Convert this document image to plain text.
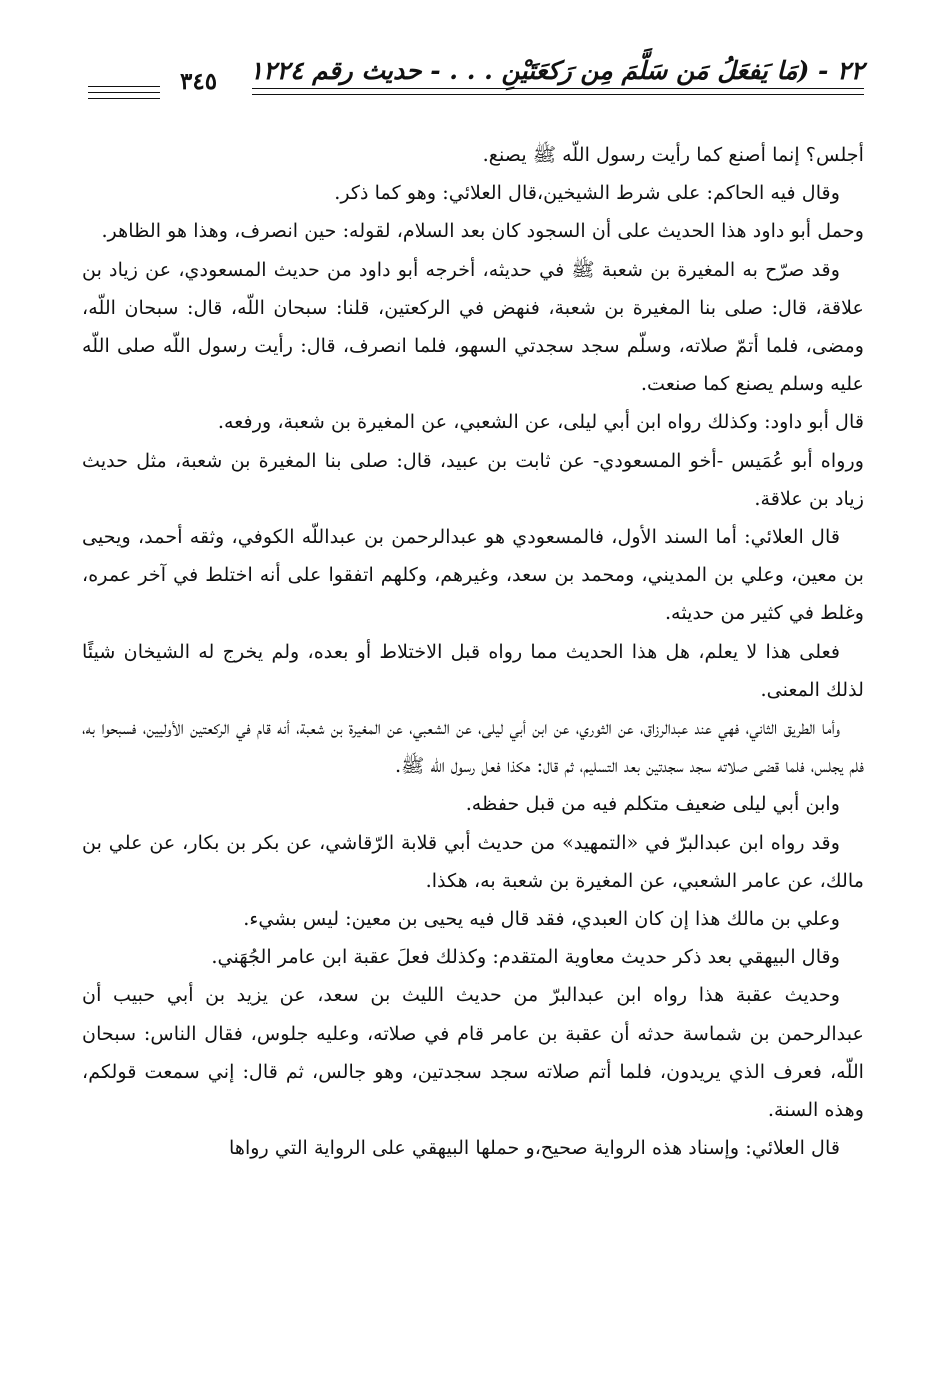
٢٢ - (مَا يَفعَلُ مَن سَلَّمَ مِن رَكعَتَيْنِ . . . - حديث رقم ١٢٢٤
٣٤٥

أجلس؟ إنما أصنع كما رأيت رسول اللّه ﷺ يصنع.

وقال فيه الحاكم: على شرط الشيخين،قال العلائي: وهو كما ذكر.

وحمل أبو داود هذا الحديث على أن السجود كان بعد السلام، لقوله: حين انصرف، وهذا هو الظاهر.

وقد صرّح به المغيرة بن شعبة ﷺ في حديثه، أخرجه أبو داود من حديث المسعودي، عن زياد بن علاقة، قال: صلى بنا المغيرة بن شعبة، فنهض في الركعتين، قلنا: سبحان اللّه، قال: سبحان اللّه، ومضى، فلما أتمّ صلاته، وسلّم سجد سجدتي السهو، فلما انصرف، قال: رأيت رسول اللّه صلى اللّه عليه وسلم يصنع كما صنعت.

قال أبو داود: وكذلك رواه ابن أبي ليلى، عن الشعبي، عن المغيرة بن شعبة، ورفعه.

ورواه أبو عُمَيس -أخو المسعودي- عن ثابت بن عبيد، قال: صلى بنا المغيرة بن شعبة، مثل حديث زياد بن علاقة.

قال العلائي: أما السند الأول، فالمسعودي هو عبدالرحمن بن عبداللّه الكوفي، وثقه أحمد، ويحيى بن معين، وعلي بن المديني، ومحمد بن سعد، وغيرهم، وكلهم اتفقوا على أنه اختلط في آخر عمره، وغلط في كثير من حديثه.

فعلى هذا لا يعلم، هل هذا الحديث مما رواه قبل الاختلاط أو بعده، ولم يخرج له الشيخان شيئًا لذلك المعنى.

وأما الطريق الثاني، فهي عند عبدالرزاق، عن الثوري، عن ابن أبي ليلى، عن الشعبي، عن المغيرة بن شعبة، أنه قام في الركعتين الأوليين، فسبحوا به، فلم يجلس، فلما قضى صلاته سجد سجدتين بعد التسليم، ثم قال: هكذا فعل رسول اللّه ﷺ.

وابن أبي ليلى ضعيف متكلم فيه من قبل حفظه.

وقد رواه ابن عبدالبرّ في «التمهيد» من حديث أبي قلابة الرّقاشي، عن بكر بن بكار، عن علي بن مالك، عن عامر الشعبي، عن المغيرة بن شعبة به، هكذا.

وعلي بن مالك هذا إن كان العبدي، فقد قال فيه يحيى بن معين: ليس بشيء.

وقال البيهقي بعد ذكر حديث معاوية المتقدم: وكذلك فعلَ عقبة ابن عامر الجُهَني.

وحديث عقبة هذا رواه ابن عبدالبرّ من حديث الليث بن سعد، عن يزيد بن أبي حبيب أن عبدالرحمن بن شماسة حدثه أن عقبة بن عامر قام في صلاته، وعليه جلوس، فقال الناس: سبحان اللّه، فعرف الذي يريدون، فلما أتم صلاته سجد سجدتين، وهو جالس، ثم قال: إني سمعت قولكم، وهذه السنة.

قال العلائي: وإسناد هذه الرواية صحيح،و حملها البيهقي على الرواية التي رواها
